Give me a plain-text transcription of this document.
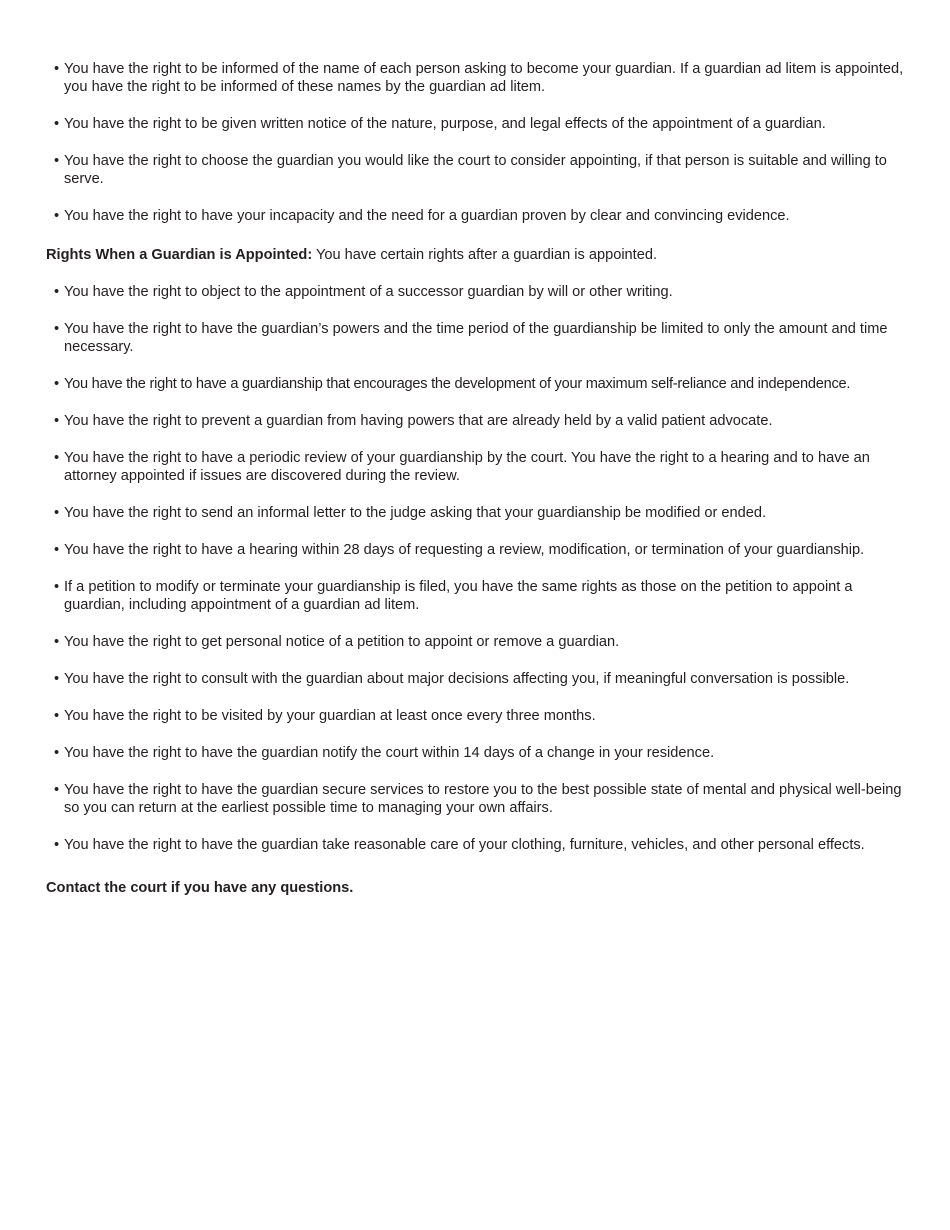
• You have the right to be informed of the name of each person asking to become your guardian. If a guardian ad litem is appointed, you have the right to be informed of these names by the guardian ad litem.
• You have the right to be given written notice of the nature, purpose, and legal effects of the appointment of a guardian.
• You have the right to choose the guardian you would like the court to consider appointing, if that person is suitable and willing to serve.
• You have the right to have your incapacity and the need for a guardian proven by clear and convincing evidence.

Rights When a Guardian is Appointed: You have certain rights after a guardian is appointed.

• You have the right to object to the appointment of a successor guardian by will or other writing.
• You have the right to have the guardian’s powers and the time period of the guardianship be limited to only the amount and time necessary.
• You have the right to have a guardianship that encourages the development of your maximum self-reliance and independence.
• You have the right to prevent a guardian from having powers that are already held by a valid patient advocate.
• You have the right to have a periodic review of your guardianship by the court. You have the right to a hearing and to have an attorney appointed if issues are discovered during the review.
• You have the right to send an informal letter to the judge asking that your guardianship be modified or ended.
• You have the right to have a hearing within 28 days of requesting a review, modification, or termination of your guardianship.
• If a petition to modify or terminate your guardianship is filed, you have the same rights as those on the petition to appoint a guardian, including appointment of a guardian ad litem.
• You have the right to get personal notice of a petition to appoint or remove a guardian.
• You have the right to consult with the guardian about major decisions affecting you, if meaningful conversation is possible.
• You have the right to be visited by your guardian at least once every three months.
• You have the right to have the guardian notify the court within 14 days of a change in your residence.
• You have the right to have the guardian secure services to restore you to the best possible state of mental and physical well-being so you can return at the earliest possible time to managing your own affairs.
• You have the right to have the guardian take reasonable care of your clothing, furniture, vehicles, and other personal effects.

Contact the court if you have any questions.
